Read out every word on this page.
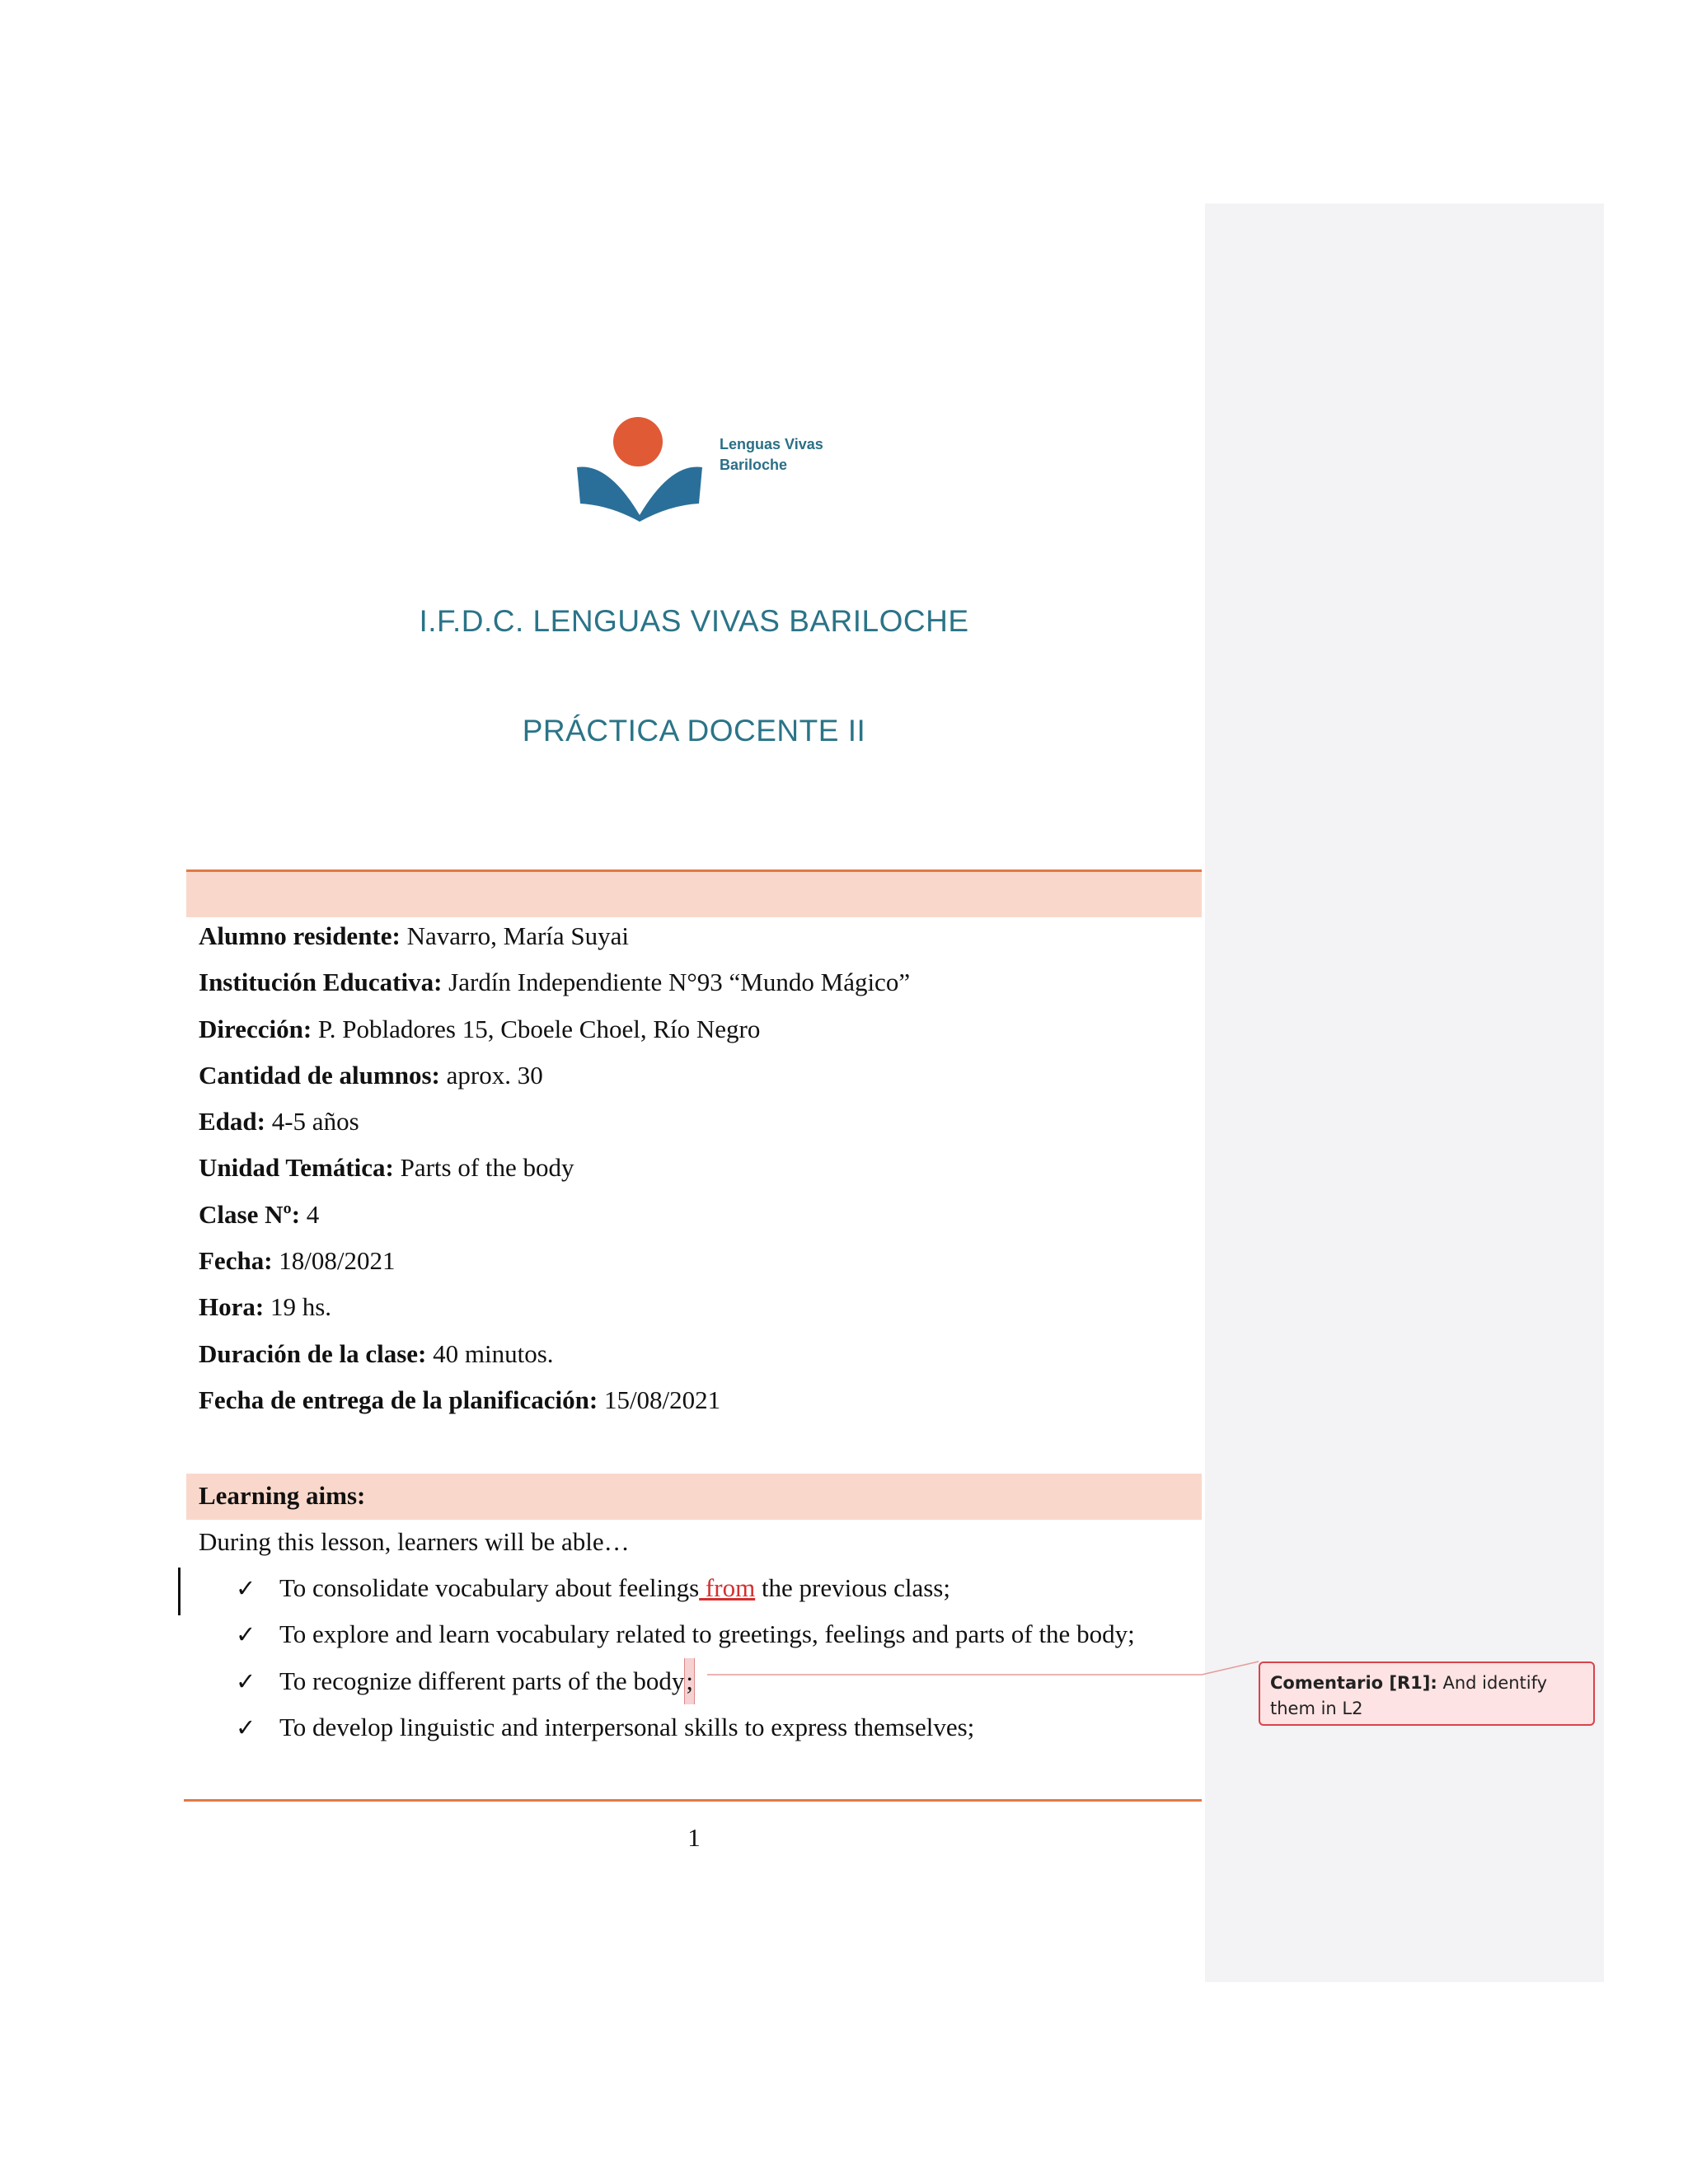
Lenguas Vivas
Bariloche
I.F.D.C. LENGUAS VIVAS BARILOCHE
PRÁCTICA DOCENTE II
Alumno residente: Navarro, María Suyai
Institución Educativa: Jardín Independiente N°93 “Mundo Mágico”
Dirección: P. Pobladores 15, Cboele Choel, Río Negro
Cantidad de alumnos: aprox. 30
Edad: 4-5 años
Unidad Temática: Parts of the body
Clase Nº: 4
Fecha: 18/08/2021
Hora: 19 hs.
Duración de la clase: 40 minutos.
Fecha de entrega de la planificación: 15/08/2021
Learning aims:
During this lesson, learners will be able…
✓ To consolidate vocabulary about feelings from the previous class;
✓ To explore and learn vocabulary related to greetings, feelings and parts of the body;
✓ To recognize different parts of the body;
✓ To develop linguistic and interpersonal skills to express themselves;
Comentario [R1]: And identify them in L2
1
